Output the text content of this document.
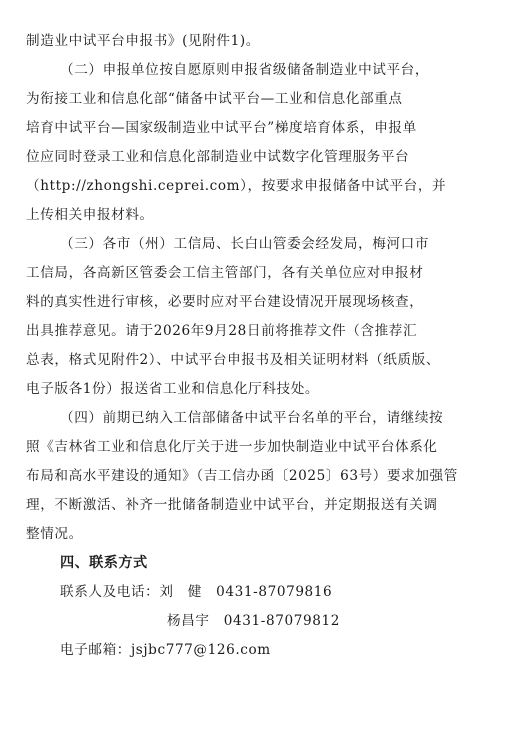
制造业中试平台申报书》(见附件1)。
（二）申报单位按自愿原则申报省级储备制造业中试平台，
为衔接工业和信息化部“储备中试平台—工业和信息化部重点
培育中试平台—国家级制造业中试平台”梯度培育体系，申报单
位应同时登录工业和信息化部制造业中试数字化管理服务平台
（http://zhongshi.ceprei.com），按要求申报储备中试平台，并
上传相关申报材料。
（三）各市（州）工信局、长白山管委会经发局，梅河口市
工信局，各高新区管委会工信主管部门，各有关单位应对申报材
料的真实性进行审核，必要时应对平台建设情况开展现场核查，
出具推荐意见。请于2026年9月28日前将推荐文件（含推荐汇
总表，格式见附件2）、中试平台申报书及相关证明材料（纸质版、
电子版各1份）报送省工业和信息化厅科技处。
（四）前期已纳入工信部储备中试平台名单的平台，请继续按
照《吉林省工业和信息化厅关于进一步加快制造业中试平台体系化
布局和高水平建设的通知》（吉工信办函〔2025〕63号）要求加强管
理，不断激活、补齐一批储备制造业中试平台，并定期报送有关调
整情况。
四、联系方式
联系人及电话：刘　健　0431-87079816
杨昌宇　0431-87079812
电子邮箱：jsjbc777@126.com
